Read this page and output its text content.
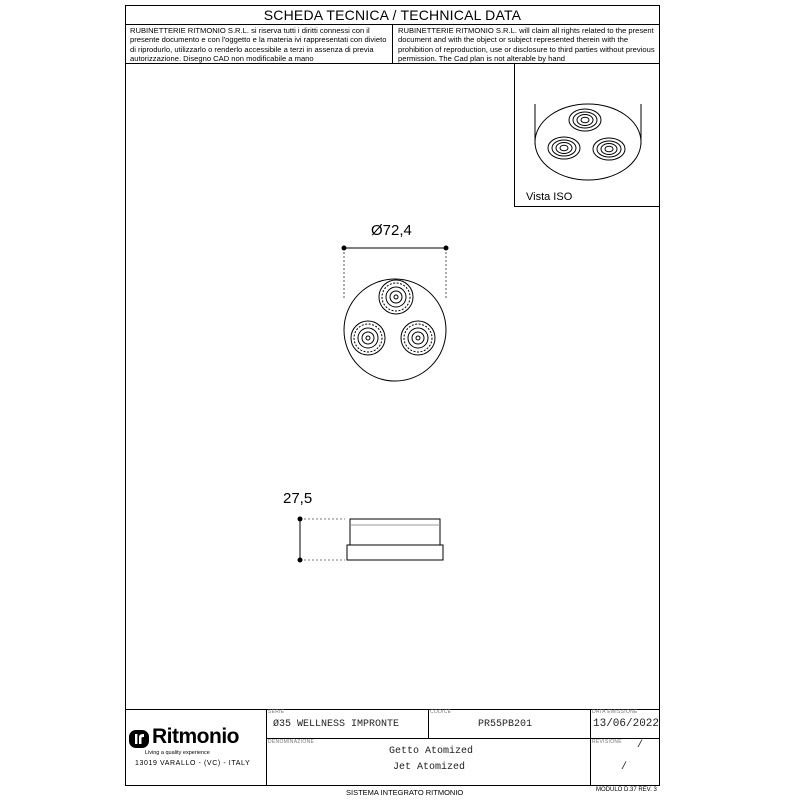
SCHEDA TECNICA / TECHNICAL DATA
RUBINETTERIE RITMONIO S.R.L. si riserva tutti i diritti connessi con il presente documento e con l'oggetto e la materia ivi rappresentati con divieto di riprodurlo, utilizzarlo o renderlo accessibile a terzi in assenza di previa autorizzazione. Disegno CAD non modificabile a mano
RUBINETTERIE RITMONIO S.R.L. will claim all rights related to the present document and with the object or subject represented therein with the prohibition of reproduction, use or disclosure to third parties without previous permission. The Cad plan is not alterable by hand
Vista ISO
Ø72,4
27,5
Ritmonio
Living a quality experience
13019 VARALLO - (VC) - ITALY
SERIE
Ø35 WELLNESS IMPRONTE
CODICE
PR55PB201
DATA EMISSIONE
13/06/2022
DENOMINAZIONE
Getto Atomized
Jet Atomized
REVISIONE /
/
SISTEMA INTEGRATO RITMONIO	MODULO D.37 REV. 3
